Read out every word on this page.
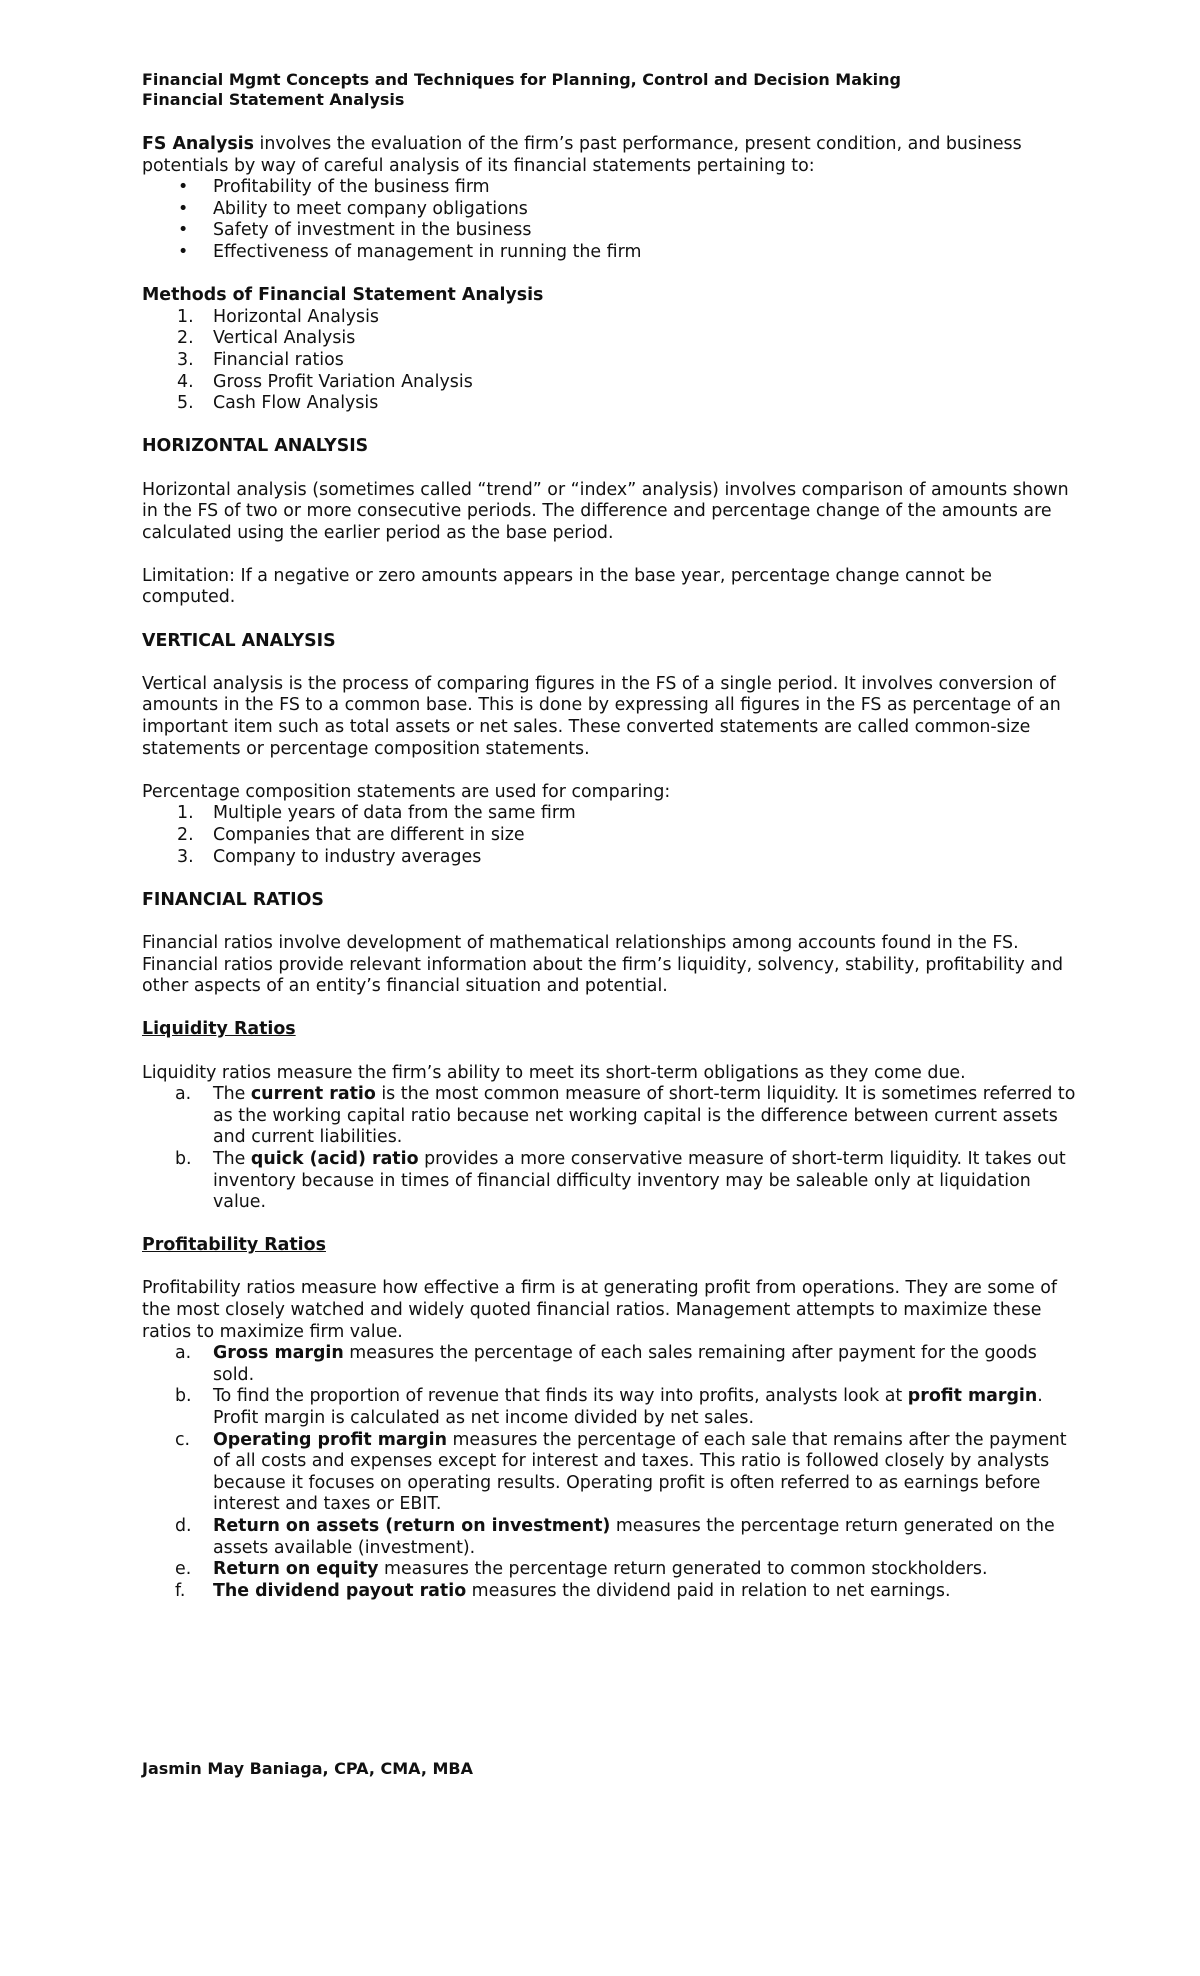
Financial Mgmt Concepts and Techniques for Planning, Control and Decision Making
Financial Statement Analysis

FS Analysis involves the evaluation of the firm’s past performance, present condition, and business potentials by way of careful analysis of its financial statements pertaining to:

•	Profitability of the business firm
•	Ability to meet company obligations
•	Safety of investment in the business
•	Effectiveness of management in running the firm

Methods of Financial Statement Analysis

1.	Horizontal Analysis
2.	Vertical Analysis
3.	Financial ratios
4.	Gross Profit Variation Analysis
5.	Cash Flow Analysis

HORIZONTAL ANALYSIS

Horizontal analysis (sometimes called “trend” or “index” analysis) involves comparison of amounts shown in the FS of two or more consecutive periods. The difference and percentage change of the amounts are calculated using the earlier period as the base period.

Limitation: If a negative or zero amounts appears in the base year, percentage change cannot be computed.

VERTICAL ANALYSIS

Vertical analysis is the process of comparing figures in the FS of a single period. It involves conversion of amounts in the FS to a common base. This is done by expressing all figures in the FS as percentage of an important item such as total assets or net sales. These converted statements are called common-size statements or percentage composition statements.

Percentage composition statements are used for comparing:

1.	Multiple years of data from the same firm
2.	Companies that are different in size
3.	Company to industry averages

FINANCIAL RATIOS

Financial ratios involve development of mathematical relationships among accounts found in the FS. Financial ratios provide relevant information about the firm’s liquidity, solvency, stability, profitability and other aspects of an entity’s financial situation and potential.

Liquidity Ratios

Liquidity ratios measure the firm’s ability to meet its short-term obligations as they come due.

a.	The current ratio is the most common measure of short-term liquidity. It is sometimes referred to as the working capital ratio because net working capital is the difference between current assets and current liabilities.
b.	The quick (acid) ratio provides a more conservative measure of short-term liquidity. It takes out inventory because in times of financial difficulty inventory may be saleable only at liquidation value.

Profitability Ratios

Profitability ratios measure how effective a firm is at generating profit from operations. They are some of the most closely watched and widely quoted financial ratios. Management attempts to maximize these ratios to maximize firm value.

a.	Gross margin measures the percentage of each sales remaining after payment for the goods sold.
b.	To find the proportion of revenue that finds its way into profits, analysts look at profit margin. Profit margin is calculated as net income divided by net sales.
c.	Operating profit margin measures the percentage of each sale that remains after the payment of all costs and expenses except for interest and taxes. This ratio is followed closely by analysts because it focuses on operating results. Operating profit is often referred to as earnings before interest and taxes or EBIT.
d.	Return on assets (return on investment) measures the percentage return generated on the assets available (investment).
e.	Return on equity measures the percentage return generated to common stockholders.
f.	The dividend payout ratio measures the dividend paid in relation to net earnings.
Jasmin May Baniaga, CPA, CMA, MBA
